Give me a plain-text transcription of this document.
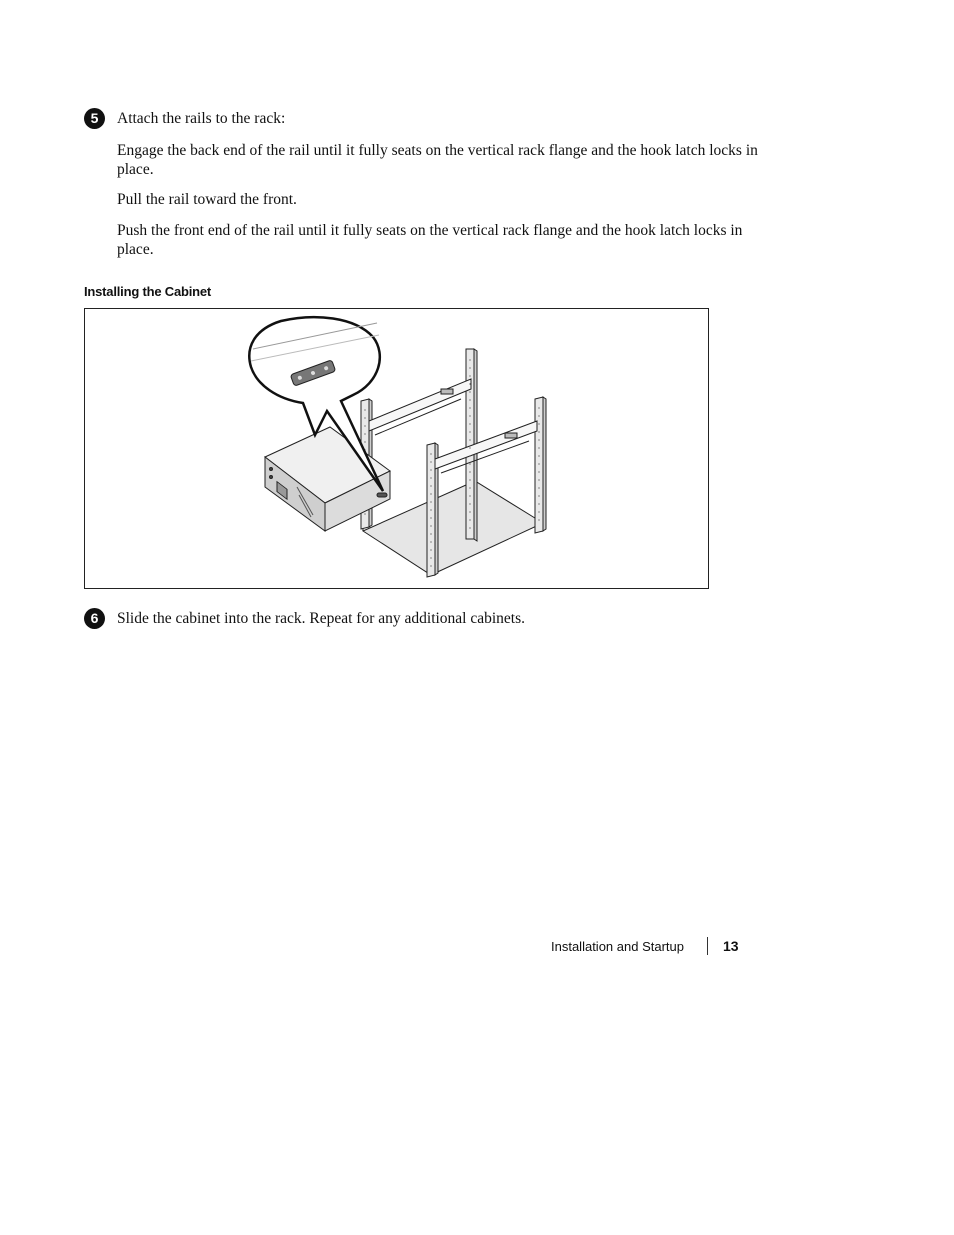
5	Attach the rails to the rack:

Engage the back end of the rail until it fully seats on the vertical rack flange and the hook latch locks in place.

Pull the rail toward the front.

Push the front end of the rail until it fully seats on the vertical rack flange and the hook latch locks in place.

Installing the Cabinet
6	Slide the cabinet into the rack. Repeat for any additional cabinets.
Installation and Startup	13
